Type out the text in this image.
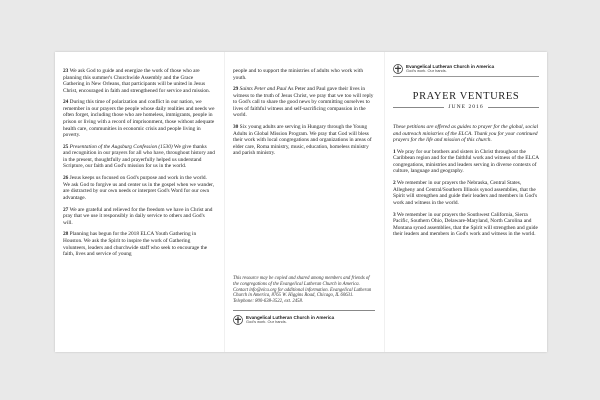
23 We ask God to guide and energize the work of those who are planning this summer's Churchwide Assembly and the Grace Gathering in New Orleans, that participants will be united in Jesus Christ, encouraged in faith and strengthened for service and mission.

24 During this time of polarization and conflict in our nation, we remember in our prayers the people whose daily realities and needs we often forget, including those who are homeless, immigrants, people in prison or living with a record of imprisonment, those without adequate health care, communities in economic crisis and people living in poverty.

25 Presentation of the Augsburg Confession (1530) We give thanks and recognition in our prayers for all who have, throughout history and in the present, thoughtfully and prayerfully helped us understand Scripture, our faith and God's mission for us in the world.

26 Jesus keeps us focused on God's purpose and work in the world. We ask God to forgive us and center us in the gospel when we wander, are distracted by our own needs or interpret God's Word for our own advantage.

27 We are grateful and relieved for the freedom we have in Christ and pray that we use it responsibly in daily service to others and God's will.

28 Planning has begun for the 2018 ELCA Youth Gathering in Houston. We ask the Spirit to inspire the work of Gathering volunteers, leaders and churchwide staff who seek to encourage the faith, lives and service of young

people and to support the ministries of adults who work with youth.

29 Saints Peter and Paul As Peter and Paul gave their lives in witness to the truth of Jesus Christ, we pray that we too will reply to God's call to share the good news by committing ourselves to lives of faithful witness and self-sacrificing compassion in the world.

30 Six young adults are serving in Hungary through the Young Adults in Global Mission Program. We pray that God will bless their work with local congregations and organizations in areas of elder care, Roma ministry, music, education, homeless ministry and parish ministry.

This resource may be copied and shared among members and friends of the congregations of the Evangelical Lutheran Church in America. Contact info@elca.org for additional information. Evangelical Lutheran Church in America, 8765 W. Higgins Road, Chicago, IL 60631. Telephone: 800-638-3522, ext. 2458.

Evangelical Lutheran Church in America
God's work. Our hands.
Evangelical Lutheran Church in America
God's work. Our hands.
PRAYER VENTURES
JUNE 2016

These petitions are offered as guides to prayer for the global, social and outreach ministries of the ELCA. Thank you for your continued prayers for the life and mission of this church.

1 We pray for our brothers and sisters in Christ throughout the Caribbean region and for the faithful work and witness of the ELCA congregations, ministries and leaders serving in diverse contexts of culture, language and geography.

2 We remember in our prayers the Nebraska, Central States, Allegheny and Central/Southern Illinois synod assemblies, that the Spirit will strengthen and guide their leaders and members in God's work and witness in the world.

3 We remember in our prayers the Southwest California, Sierra Pacific, Southern Ohio, Delaware-Maryland, North Carolina and Montana synod assemblies, that the Spirit will strengthen and guide their leaders and members in God's work and witness in the world.
